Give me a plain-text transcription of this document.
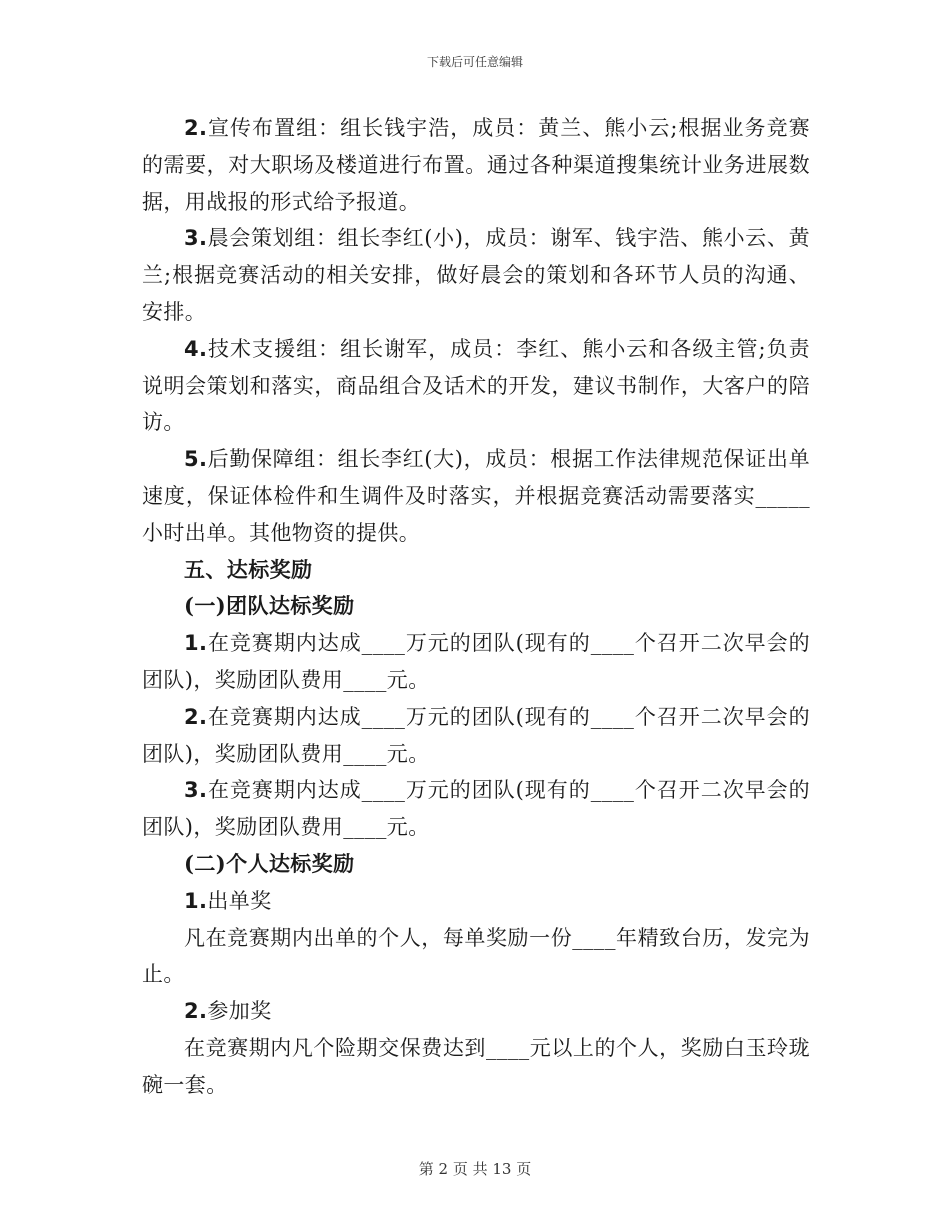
下载后可任意编辑

2.宣传布置组：组长钱宇浩，成员：黄兰、熊小云;根据业务竞赛的需要，对大职场及楼道进行布置。通过各种渠道搜集统计业务进展数据，用战报的形式给予报道。

3.晨会策划组：组长李红(小)，成员：谢军、钱宇浩、熊小云、黄兰;根据竞赛活动的相关安排，做好晨会的策划和各环节人员的沟通、安排。

4.技术支援组：组长谢军，成员：李红、熊小云和各级主管;负责说明会策划和落实，商品组合及话术的开发，建议书制作，大客户的陪访。

5.后勤保障组：组长李红(大)，成员：根据工作法律规范保证出单速度，保证体检件和生调件及时落实，并根据竞赛活动需要落实_____小时出单。其他物资的提供。

五、达标奖励

(一)团队达标奖励

1.在竞赛期内达成____万元的团队(现有的____个召开二次早会的团队)，奖励团队费用____元。

2.在竞赛期内达成____万元的团队(现有的____个召开二次早会的团队)，奖励团队费用____元。

3.在竞赛期内达成____万元的团队(现有的____个召开二次早会的团队)，奖励团队费用____元。

(二)个人达标奖励

1.出单奖

凡在竞赛期内出单的个人，每单奖励一份____年精致台历，发完为止。

2.参加奖

在竞赛期内凡个险期交保费达到____元以上的个人，奖励白玉玲珑碗一套。

第 2 页 共 13 页
